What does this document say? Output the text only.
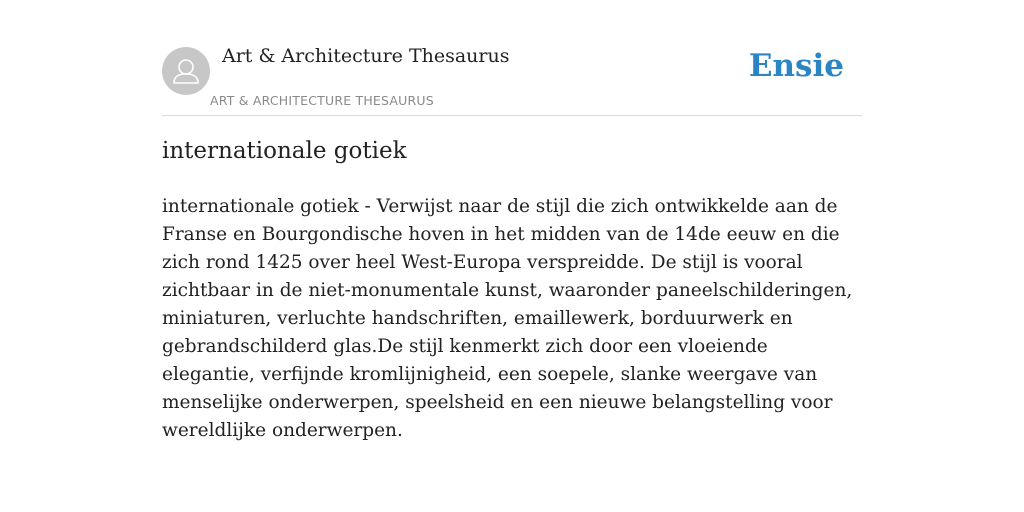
Art & Architecture Thesaurus
ART & ARCHITECTURE THESAURUS
Ensie
internationale gotiek

internationale gotiek - Verwijst naar de stijl die zich ontwikkelde aan de Franse en Bourgondische hoven in het midden van de 14de eeuw en die zich rond 1425 over heel West-Europa verspreidde. De stijl is vooral zichtbaar in de niet-monumentale kunst, waaronder paneelschilderingen, miniaturen, verluchte handschriften, emaillewerk, borduurwerk en gebrandschilderd glas.De stijl kenmerkt zich door een vloeiende elegantie, verfijnde kromlijnigheid, een soepele, slanke weergave van menselijke onderwerpen, speelsheid en een nieuwe belangstelling voor wereldlijke onderwerpen.
